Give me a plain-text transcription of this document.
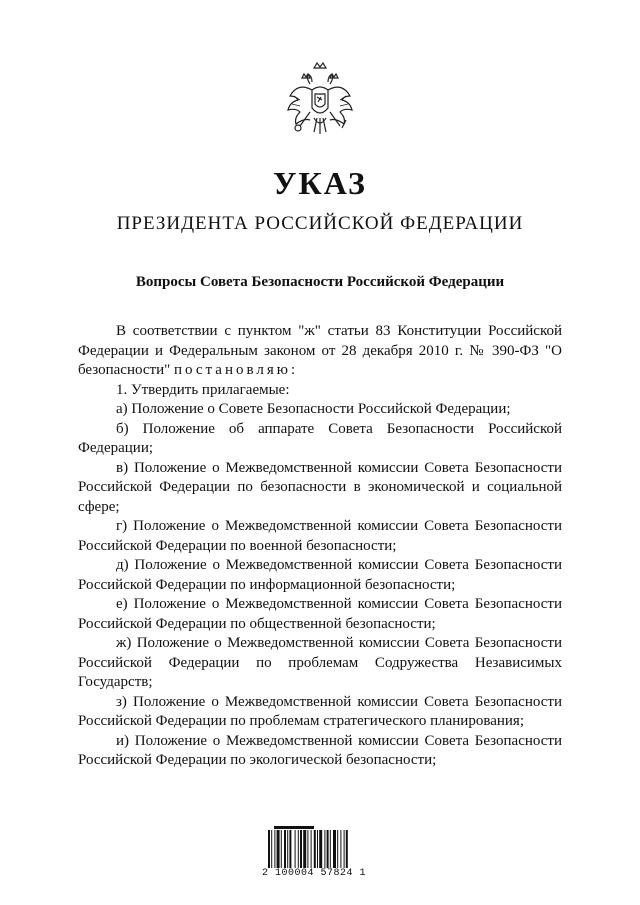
УКАЗ
ПРЕЗИДЕНТА РОССИЙСКОЙ ФЕДЕРАЦИИ
Вопросы Совета Безопасности Российской Федерации

В соответствии с пунктом "ж" статьи 83 Конституции Российской Федерации и Федеральным законом от 28 декабря 2010 г. № 390-ФЗ "О безопасности" постановляю:

1. Утвердить прилагаемые:

а) Положение о Совете Безопасности Российской Федерации;

б) Положение об аппарате Совета Безопасности Российской Федерации;

в) Положение о Межведомственной комиссии Совета Безопасности Российской Федерации по безопасности в экономической и социальной сфере;

г) Положение о Межведомственной комиссии Совета Безопасности Российской Федерации по военной безопасности;

д) Положение о Межведомственной комиссии Совета Безопасности Российской Федерации по информационной безопасности;

е) Положение о Межведомственной комиссии Совета Безопасности Российской Федерации по общественной безопасности;

ж) Положение о Межведомственной комиссии Совета Безопасности Российской Федерации по проблемам Содружества Независимых Государств;

з) Положение о Межведомственной комиссии Совета Безопасности Российской Федерации по проблемам стратегического планирования;

и) Положение о Межведомственной комиссии Совета Безопасности Российской Федерации по экологической безопасности;

2 100004 57824 1
